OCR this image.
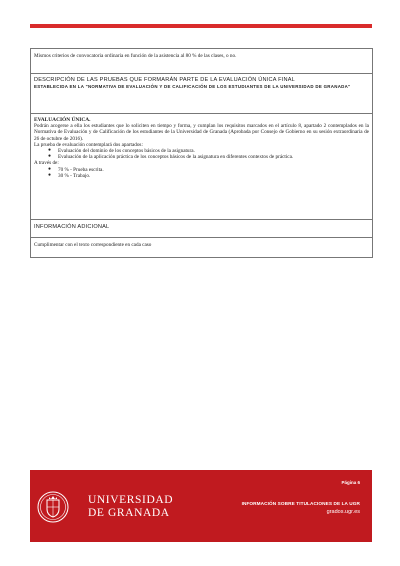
Mismos criterios de convocatoria ordinaria en función de la asistencia al 80 % de las clases, o no.
DESCRIPCIÓN DE LAS PRUEBAS QUE FORMARÁN PARTE DE LA EVALUACIÓN ÚNICA FINAL
ESTABLECIDA EN LA "NORMATIVA DE EVALUACIÓN Y DE CALIFICACIÓN DE LOS ESTUDIANTES DE LA UNIVERSIDAD DE GRANADA"
EVALUACIÓN ÚNICA.

Podrán acogerse a ella los estudiantes que lo soliciten en tiempo y forma, y cumplan los requisitos marcados en el artículo 8, apartado 2 contemplados en la Normativa de Evaluación y de Calificación de los estudiantes de la Universidad de Granada (Aprobada por Consejo de Gobierno en su sesión extraordinaria de 26 de octubre de 2016).

La prueba de evaluación contemplará dos apartados:

● Evaluación del dominio de los conceptos básicos de la asignatura.
● Evaluación de la aplicación práctica de los conceptos básicos de la asignatura en diferentes contextos de práctica.

A través de:

● 70 % - Prueba escrita.
● 30 % - Trabajo.
INFORMACIÓN ADICIONAL
Cumplimentar con el texto correspondiente en cada caso
UNIVERSIDAD
DE GRANADA
Página 6
INFORMACIÓN SOBRE TITULACIONES DE LA UGR
grados.ugr.es
